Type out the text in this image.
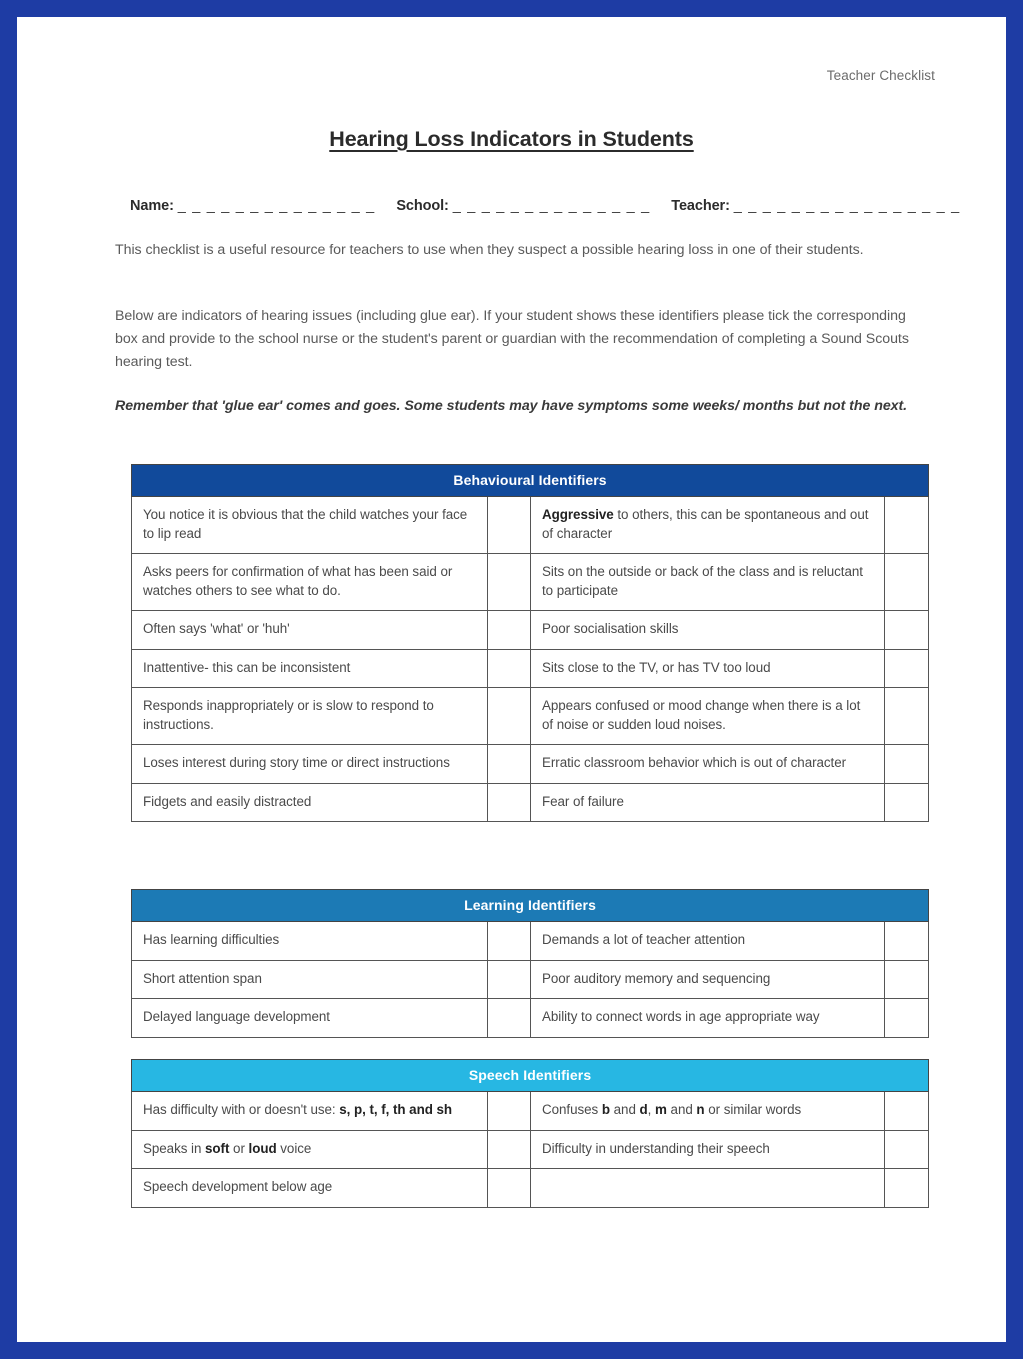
Teacher Checklist
Hearing Loss Indicators in Students
Name: _ _ _ _ _ _ _ _ _ _ _ _ _ _ School: _ _ _ _ _ _ _ _ _ _ _ _ _ _ Teacher: _ _ _ _ _ _ _ _ _ _ _ _ _ _ _ _
This checklist is a useful resource for teachers to use when they suspect a possible hearing loss in one of their students.
Below are indicators of hearing issues (including glue ear). If your student shows these identifiers please tick the corresponding box and provide to the school nurse or the student's parent or guardian with the recommendation of completing a Sound Scouts hearing test.
Remember that 'glue ear' comes and goes. Some students may have symptoms some weeks/ months but not the next.
Behavioural Identifiers			
You notice it is obvious that the child watches your face to lip read		Aggressive to others, this can be spontaneous and out of character	
Asks peers for confirmation of what has been said or watches others to see what to do.		Sits on the outside or back of the class and is reluctant to participate	
Often says 'what' or 'huh'		Poor socialisation skills	
Inattentive- this can be inconsistent		Sits close to the TV, or has TV too loud	
Responds inappropriately or is slow to respond to instructions.		Appears confused or mood change when there is a lot of noise or sudden loud noises.	
Loses interest during story time or direct instructions		Erratic classroom behavior which is out of character	
Fidgets and easily distracted		Fear of failure	
Learning Identifiers			
Has learning difficulties		Demands a lot of teacher attention	
Short attention span		Poor auditory memory and sequencing	
Delayed language development		Ability to connect words in age appropriate way	
Speech Identifiers			
Has difficulty with or doesn't use: s, p, t, f, th and sh		Confuses b and d, m and n or similar words	
Speaks in soft or loud voice		Difficulty in understanding their speech	
Speech development below age			
